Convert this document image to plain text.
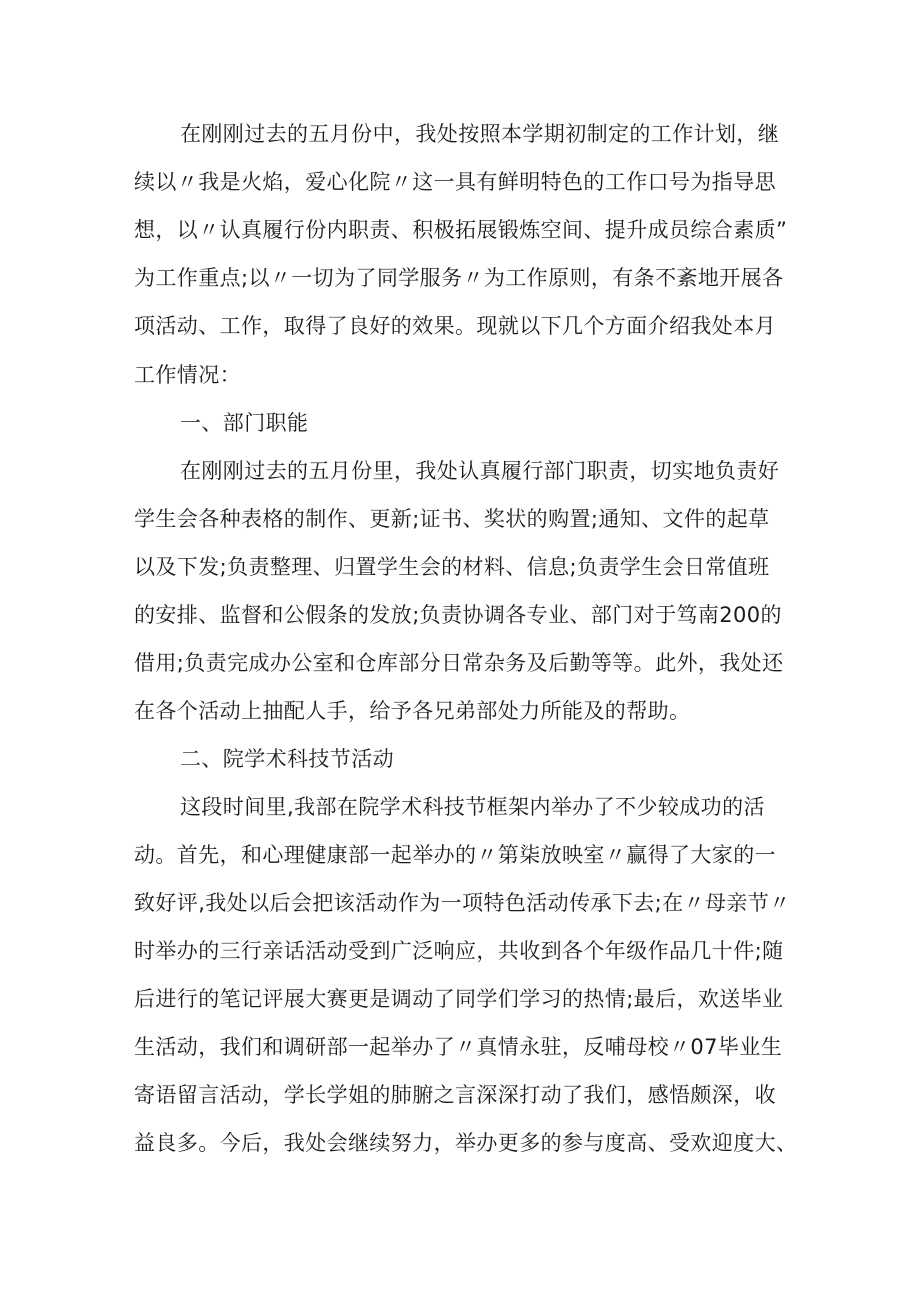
在刚刚过去的五月份中，我处按照本学期初制定的工作计划，继
续以〃我是火焰，爱心化院〃这一具有鲜明特色的工作口号为指导思
想，以〃认真履行份内职责、积极拓展锻炼空间、提升成员综合素质”
为工作重点;以〃一切为了同学服务〃为工作原则，有条不紊地开展各
项活动、工作，取得了良好的效果。现就以下几个方面介绍我处本月
工作情况：
一、部门职能
在刚刚过去的五月份里，我处认真履行部门职责，切实地负责好
学生会各种表格的制作、更新;证书、奖状的购置;通知、文件的起草
以及下发;负责整理、归置学生会的材料、信息;负责学生会日常值班
的安排、监督和公假条的发放;负责协调各专业、部门对于笃南200的
借用;负责完成办公室和仓库部分日常杂务及后勤等等。此外，我处还
在各个活动上抽配人手，给予各兄弟部处力所能及的帮助。
二、院学术科技节活动
这段时间里,我部在院学术科技节框架内举办了不少较成功的活
动。首先，和心理健康部一起举办的〃第柒放映室〃赢得了大家的一
致好评,我处以后会把该活动作为一项特色活动传承下去;在〃母亲节〃
时举办的三行亲话活动受到广泛响应，共收到各个年级作品几十件;随
后进行的笔记评展大赛更是调动了同学们学习的热情;最后，欢送毕业
生活动，我们和调研部一起举办了〃真情永驻，反哺母校〃07毕业生
寄语留言活动，学长学姐的肺腑之言深深打动了我们，感悟颇深，收
益良多。今后，我处会继续努力，举办更多的参与度高、受欢迎度大、
